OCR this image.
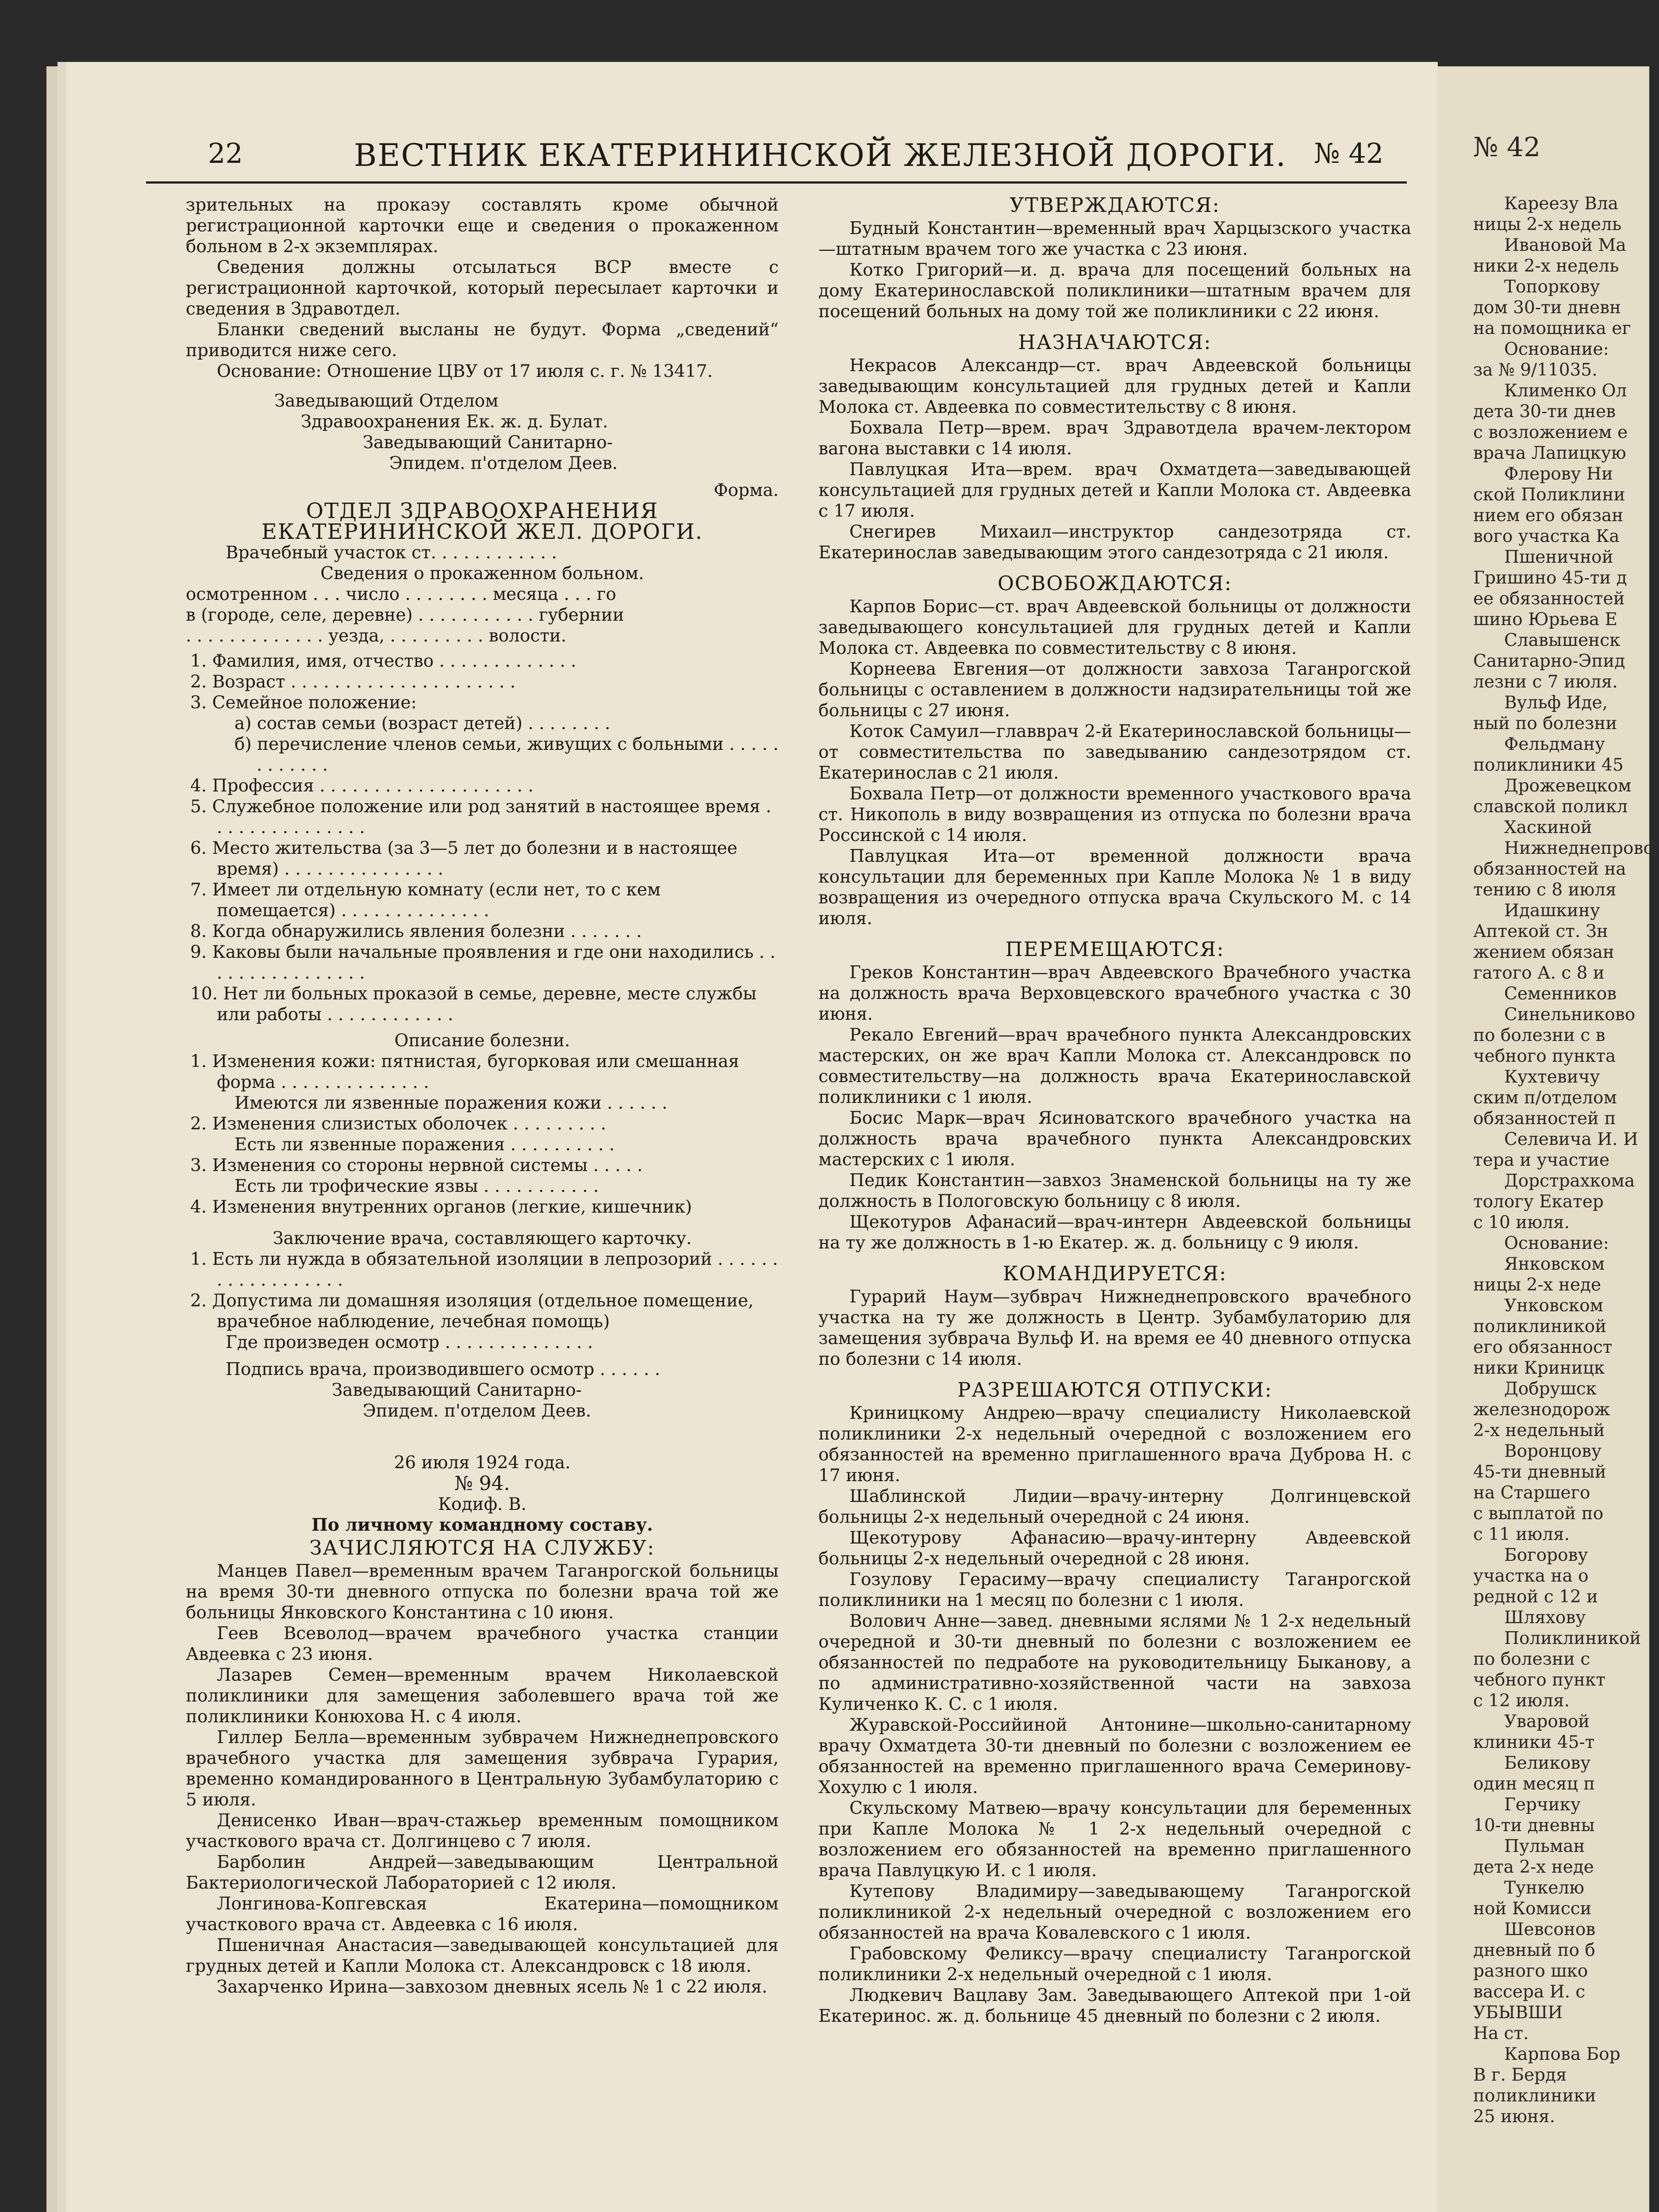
22	ВЕСТНИК ЕКАТЕРИНИНСКОЙ ЖЕЛЕЗНОЙ ДОРОГИ. № 42

зрительных на прокаэу составлять кроме обычной регистрационной карточки еще и сведения о прокаженном больном в 2-х экземплярах.

Сведения должны отсылаться ВСР вместе с регистрационной карточкой, который пересылает карточки и сведения в Здравотдел.

Бланки сведений высланы не будут. Форма „сведений“ приводится ниже сего.

Основание: Отношение ЦВУ от 17 июля с. г. № 13417.

Заведывающий Отделом

Здравоохранения Ек. ж. д. Булат.

Заведывающий Санитарно-

Эпидем. п'отделом Деев.

Форма.

ОТДЕЛ ЗДРАВООХРАНЕНИЯ ЕКАТЕРИНИНСКОЙ ЖЕЛ. ДОРОГИ.

Врачебный участок ст. . . . . . . . . . . .

Сведения о прокаженном больном.

осмотренном . . . число . . . . . . . . месяца . . . го

в (городе, селе, деревне) . . . . . . . . . . . губернии

. . . . . . . . . . . . . уезда, . . . . . . . . . волости.

1. Фамилия, имя, отчество . . . . . . . . . . . . .

2. Возраст . . . . . . . . . . . . . . . . . . . . .

3. Семейное положение:

а) состав семьи (возраст детей) . . . . . . . .

б) перечисление членов семьи, живущих с больными . . . . . . . . . . . .

4. Профессия . . . . . . . . . . . . . . . . . . . .

5. Служебное положение или род занятий в настоящее время . . . . . . . . . . . . . . .

6. Место жительства (за 3—5 лет до болезни и в настоящее время) . . . . . . . . . . . . . . .

7. Имеет ли отдельную комнату (если нет, то с кем помещается) . . . . . . . . . . . . . .

8. Когда обнаружились явления болезни . . . . . . .

9. Каковы были начальные проявления и где они находились . . . . . . . . . . . . . . . .

10. Нет ли больных проказой в семье, деревне, месте службы или работы . . . . . . . . . . . .

Описание болезни.

1. Изменения кожи: пятнистая, бугорковая или смешанная форма . . . . . . . . . . . . . .

Имеются ли язвенные поражения кожи . . . . . .

2. Изменения слизистых оболочек . . . . . . . . .

Есть ли язвенные поражения . . . . . . . . . .

3. Изменения со стороны нервной системы . . . . .

Есть ли трофические язвы . . . . . . . . . . .

4. Изменения внутренних органов (легкие, кишечник)

Заключение врача, составляющего карточку.

1. Есть ли нужда в обязательной изоляции в лепрозорий . . . . . . . . . . . . . . . . . .

2. Допустима ли домашняя изоляция (отдельное помещение, врачебное наблюдение, лечебная помощь)

Где произведен осмотр . . . . . . . . . . . . . .

Подпись врача, производившего осмотр . . . . . .

Заведывающий Санитарно-

Эпидем. п'отделом Деев.

26 июля 1924 года.

№ 94.

Кодиф. В.

По личному командному составу.

ЗАЧИСЛЯЮТСЯ НА СЛУЖБУ:

Манцев Павел—временным врачем Таганрогской больницы на время 30-ти дневного отпуска по болезни врача той же больницы Янковского Константина с 10 июня.

Геев Всеволод—врачем врачебного участка станции Авдеевка с 23 июня.

Лазарев Семен—временным врачем Николаевской поликлиники для замещения заболевшего врача той же поликлиники Конюхова Н. с 4 июля.

Гиллер Белла—временным зубврачем Нижнеднепровского врачебного участка для замещения зубврача Гурария, временно командированного в Центральную Зубамбулаторию с 5 июля.

Денисенко Иван—врач-стажьер временным помощником участкового врача ст. Долгинцево с 7 июля.

Барболин Андрей—заведывающим Центральной Бактериологической Лабораторией с 12 июля.

Лонгинова-Копгевская Екатерина—помощником участкового врача ст. Авдеевка с 16 июля.

Пшеничная Анастасия—заведывающей консультацией для грудных детей и Капли Молока ст. Александровск с 18 июля.

Захарченко Ирина—завхозом дневных ясель № 1 с 22 июля.

УТВЕРЖДАЮТСЯ:

Будный Константин—временный врач Харцызского участка—штатным врачем того же участка с 23 июня.

Котко Григорий—и. д. врача для посещений больных на дому Екатеринославской поликлиники—штатным врачем для посещений больных на дому той же поликлиники с 22 июня.

НАЗНАЧАЮТСЯ:

Некрасов Александр—ст. врач Авдеевской больницы заведывающим консультацией для грудных детей и Капли Молока ст. Авдеевка по совместительству с 8 июня.

Бохвала Петр—врем. врач Здравотдела врачем-лектором вагона выставки с 14 июля.

Павлуцкая Ита—врем. врач Охматдета—заведывающей консультацией для грудных детей и Капли Молока ст. Авдеевка с 17 июля.

Снегирев Михаил—инструктор сандезотряда ст. Екатеринослав заведывающим этого сандезотряда с 21 июля.

ОСВОБОЖДАЮТСЯ:

Карпов Борис—ст. врач Авдеевской больницы от должности заведывающего консультацией для грудных детей и Капли Молока ст. Авдеевка по совместительству с 8 июня.

Корнеева Евгения—от должности завхоза Таганрогской больницы с оставлением в должности надзирательницы той же больницы с 27 июня.

Коток Самуил—главврач 2-й Екатеринославской больницы—от совместительства по заведыванию сандезотрядом ст. Екатеринослав с 21 июля.

Бохвала Петр—от должности временного участкового врача ст. Никополь в виду возвращения из отпуска по болезни врача Россинской с 14 июля.

Павлуцкая Ита—от временной должности врача консультации для беременных при Капле Молока № 1 в виду возвращения из очередного отпуска врача Скульского М. с 14 июля.

ПЕРЕМЕЩАЮТСЯ:

Греков Константин—врач Авдеевского Врачебного участка на должность врача Верховцевского врачебного участка с 30 июня.

Рекало Евгений—врач врачебного пункта Александровских мастерских, он же врач Капли Молока ст. Александровск по совместительству—на должность врача Екатеринославской поликлиники с 1 июля.

Босис Марк—врач Ясиноватского врачебного участка на должность врача врачебного пункта Александровских мастерских с 1 июля.

Педик Константин—завхоз Знаменской больницы на ту же должность в Пологовскую больницу с 8 июля.

Щекотуров Афанасий—врач-интерн Авдеевской больницы на ту же должность в 1-ю Екатер. ж. д. больницу с 9 июля.

КОМАНДИРУЕТСЯ:

Гурарий Наум—зубврач Нижнеднепровского врачебного участка на ту же должность в Центр. Зубамбулаторию для замещения зубврача Вульф И. на время ее 40 дневного отпуска по болезни с 14 июля.

РАЗРЕШАЮТСЯ ОТПУСКИ:

Криницкому Андрею—врачу специалисту Николаевской поликлиники 2-х недельный очередной с возложением его обязанностей на временно приглашенного врача Дуброва Н. с 17 июня.

Шаблинской Лидии—врачу-интерну Долгинцевской больницы 2-х недельный очередной с 24 июня.

Щекотурову Афанасию—врачу-интерну Авдеевской больницы 2-х недельный очередной с 28 июня.

Гозулову Герасиму—врачу специалисту Таганрогской поликлиники на 1 месяц по болезни с 1 июля.

Волович Анне—завед. дневными яслями № 1 2-х недельный очередной и 30-ти дневный по болезни с возложением ее обязанностей по педработе на руководительницу Быканову, а по административно-хозяйственной части на завхоза Куличенко К. С. с 1 июля.

Журавской-Российиной Антонине—школьно-санитарному врачу Охматдета 30-ти дневный по болезни с возложением ее обязанностей на временно приглашенного врача Семеринову-Хохулю с 1 июля.

Скульскому Матвею—врачу консультации для беременных при Капле Молока № 1 2-х недельный очередной с возложением его обязанностей на временно приглашенного врача Павлуцкую И. с 1 июля.

Кутепову Владимиру—заведывающему Таганрогской поликлиникой 2-х недельный очередной с возложением его обязанностей на врача Ковалевского с 1 июля.

Грабовскому Феликсу—врачу специалисту Таганрогской поликлиники 2-х недельный очередной с 1 июля.

Людкевич Вацлаву Зам. Заведывающего Аптекой при 1-ой Екатеринос. ж. д. больнице 45 дневный по болезни с 2 июля.

№ 42

Кареезу Вла

ницы 2-х недель

Ивановой Ма

ники 2-х недель

Топоркову

дом 30-ти дневн

на помощника ег

Основание:

за № 9/11035.

Клименко Ол

дета 30-ти днев

с возложением е

врача Лапицкую

Флерову Ни

ской Поликлини

нием его обязан

вого участка Ка

Пшеничной

Гришино 45-ти д

ее обязанностей

шино Юрьева Е

Славышенск

Санитарно-Эпид

лезни с 7 июля.

Вульф Иде,

ный по болезни

Фельдману

поликлиники 45

Дрожевецком

славской поликл

Хаскиной

Нижнеднепровс

обязанностей на

тению с 8 июля

Идашкину

Аптекой ст. Зн

жением обязан

гатого А. с 8 и

Семенников

Синельниково

по болезни с в

чебного пункта

Кухтевичу

ским п/отделом

обязанностей п

Селевича И. И

тера и участие

Дорстрахкома

тологу Екатер

с 10 июля.

Основание:

Янковском

ницы 2-х неде

Унковском

поликлиникой

его обязанност

ники Криницк

Добрушск

железнодорож

2-х недельный

Воронцову

45-ти дневный

на Старшего

с выплатой по

с 11 июля.

Богорову

участка на о

редной с 12 и

Шляхову

Поликлиникой

по болезни с

чебного пункт

с 12 июля.

Уваровой

клиники 45-т

Беликову

один месяц п

Герчику

10-ти дневны

Пульман

дета 2-х неде

Тункелю

ной Комисси

Шевсонов

дневный по б

разного шко

вассера И. с

УБЫВШИ

На ст.

Карпова Бор

В г. Бердя

поликлиники

25 июня.
